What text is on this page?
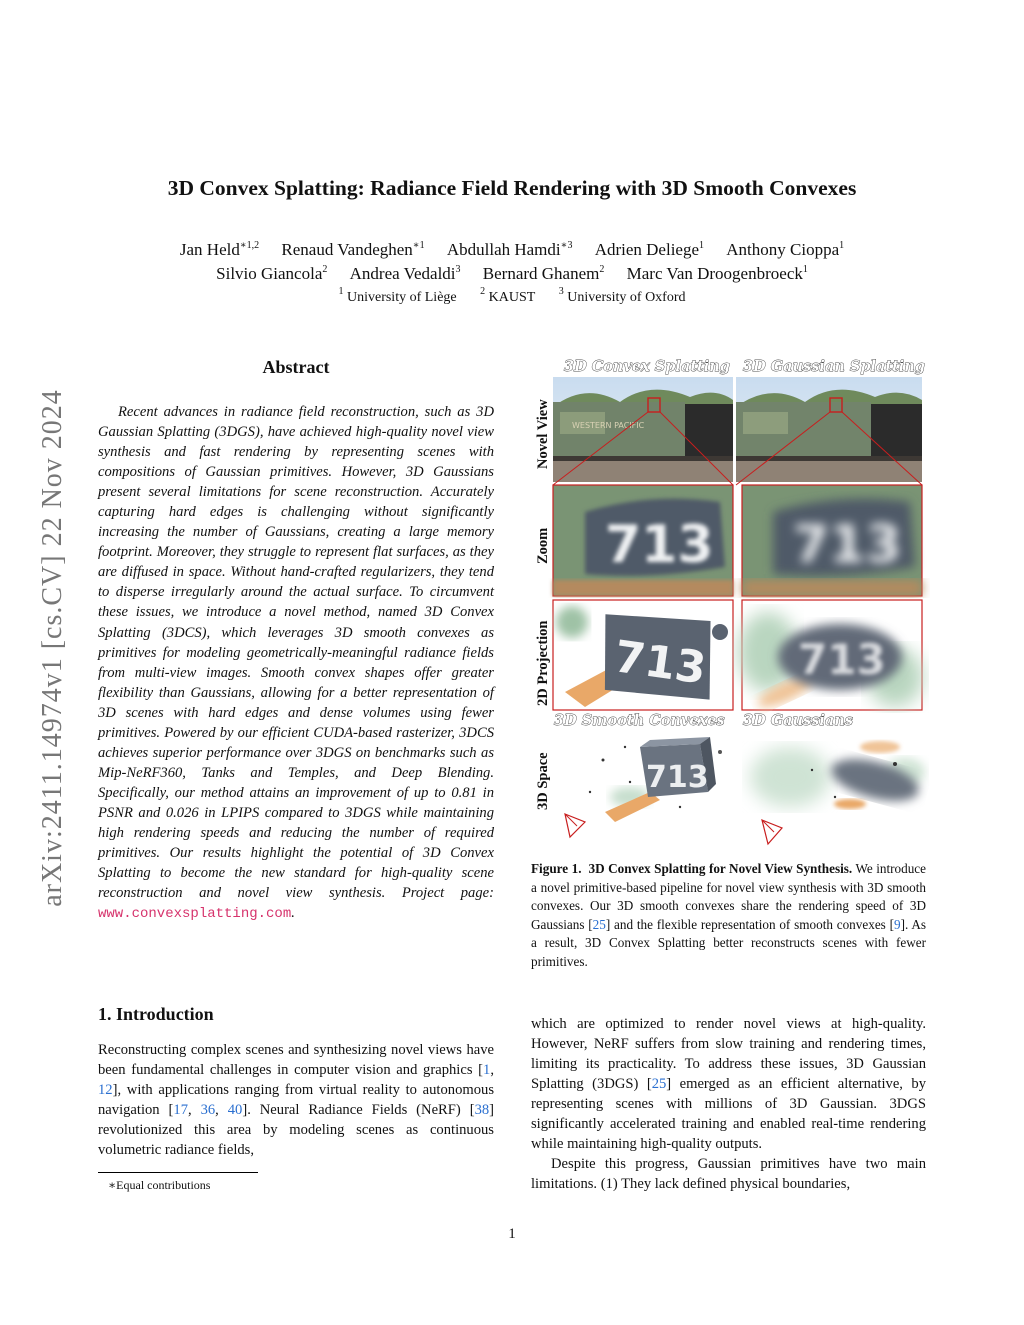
arXiv:2411.14974v1 [cs.CV] 22 Nov 2024
3D Convex Splatting: Radiance Field Rendering with 3D Smooth Convexes
Jan Held$^{∗1,2}$ Renaud Vandeghen$^{∗1}$ Abdullah Hamdi$^{∗3}$ Adrien Deliege$^1$ Anthony Cioppa$^1$
Silvio Giancola$^2$ Andrea Vedaldi$^3$ Bernard Ghanem$^2$ Marc Van Droogenbroeck$^1$
$^1$ University of Liège $^2$ KAUST $^3$ University of Oxford
Abstract
Recent advances in radiance field reconstruction, such as 3D Gaussian Splatting (3DGS), have achieved high-quality novel view synthesis and fast rendering by representing scenes with compositions of Gaussian primitives. However, 3D Gaussians present several limitations for scene reconstruction. Accurately capturing hard edges is challenging without significantly increasing the number of Gaussians, creating a large memory footprint. Moreover, they struggle to represent flat surfaces, as they are diffused in space. Without hand-crafted regularizers, they tend to disperse irregularly around the actual surface. To circumvent these issues, we introduce a novel method, named 3D Convex Splatting (3DCS), which leverages 3D smooth convexes as primitives for modeling geometrically-meaningful radiance fields from multi-view images. Smooth convex shapes offer greater flexibility than Gaussians, allowing for a better representation of 3D scenes with hard edges and dense volumes using fewer primitives. Powered by our efficient CUDA-based rasterizer, 3DCS achieves superior performance over 3DGS on benchmarks such as Mip-NeRF360, Tanks and Temples, and Deep Blending. Specifically, our method attains an improvement of up to 0.81 in PSNR and 0.026 in LPIPS compared to 3DGS while maintaining high rendering speeds and reducing the number of required primitives. Our results highlight the potential of 3D Convex Splatting to become the new standard for high-quality scene reconstruction and novel view synthesis. Project page: www.convexsplatting.com.
3D Convex Splatting 3D Gaussian Splatting
Novel View
Zoom
2D Projection
3D Space
WESTERN PACIFIC
713 713
713 713
3D Smooth Convexes 3D Gaussians
713
Figure 1. 3D Convex Splatting for Novel View Synthesis. We introduce a novel primitive-based pipeline for novel view synthesis with 3D smooth convexes. Our 3D smooth convexes share the rendering speed of 3D Gaussians [25] and the flexible representation of smooth convexes [9]. As a result, 3D Convex Splatting better reconstructs scenes with fewer primitives.
1. Introduction
Reconstructing complex scenes and synthesizing novel views have been fundamental challenges in computer vision and graphics [1, 12], with applications ranging from virtual reality to autonomous navigation [17, 36, 40]. Neural Radiance Fields (NeRF) [38] revolutionized this area by modeling scenes as continuous volumetric radiance fields,

which are optimized to render novel views at high-quality. However, NeRF suffers from slow training and rendering times, limiting its practicality. To address these issues, 3D Gaussian Splatting (3DGS) [25] emerged as an efficient alternative, by representing scenes with millions of 3D Gaussian. 3DGS significantly accelerated training and enabled real-time rendering while maintaining high-quality outputs.

Despite this progress, Gaussian primitives have two main limitations. (1) They lack defined physical boundaries,

∗Equal contributions
1
